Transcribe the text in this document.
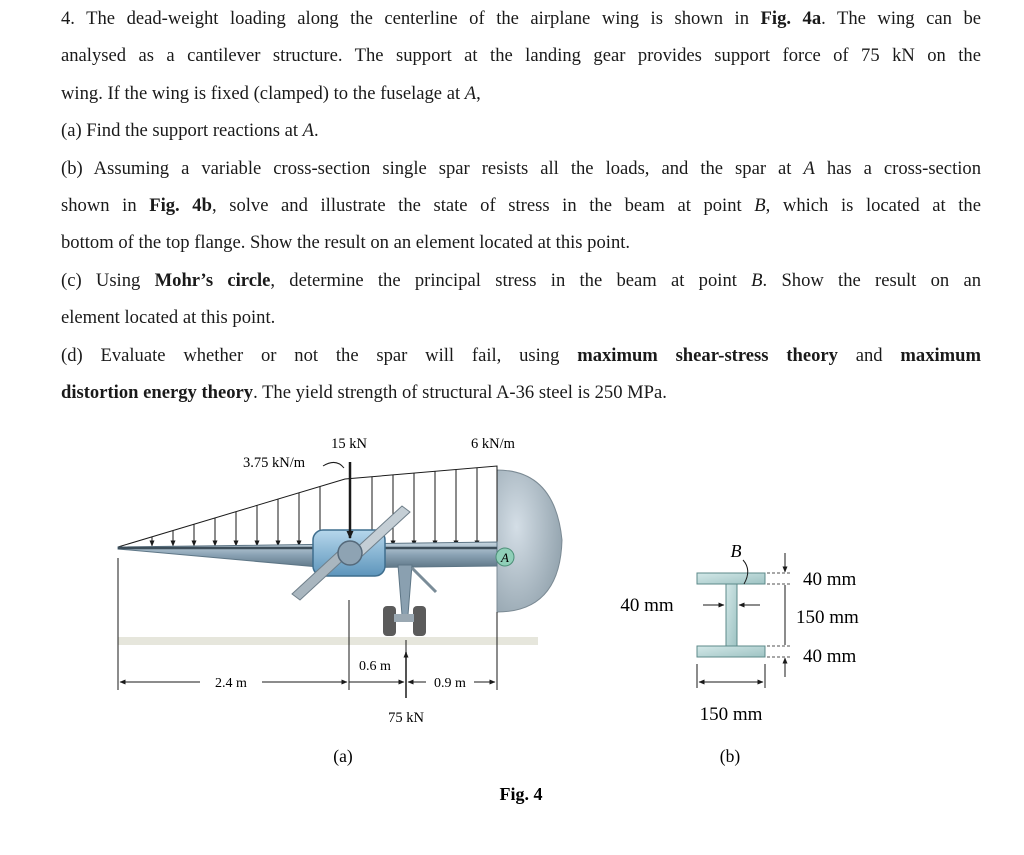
4. The dead-weight loading along the centerline of the airplane wing is shown in Fig. 4a. The wing can be
analysed as a cantilever structure. The support at the landing gear provides support force of 75 kN on the
wing. If the wing is fixed (clamped) to the fuselage at A,
(a) Find the support reactions at A.
(b) Assuming a variable cross-section single spar resists all the loads, and the spar at A has a cross-section
shown in Fig. 4b, solve and illustrate the state of stress in the beam at point B, which is located at the
bottom of the top flange. Show the result on an element located at this point.
(c) Using Mohr’s circle, determine the principal stress in the beam at point B. Show the result on an
element located at this point.
(d) Evaluate whether or not the spar will fail, using maximum shear-stress theory and maximum
distortion energy theory. The yield strength of structural A-36 steel is 250 MPa.
A
15 kN
3.75 kN/m
6 kN/m
75 kN
2.4 m
0.6 m
0.9 m
(a)
B
40 mm
150 mm
40 mm
40 mm
150 mm
(b)
Fig. 4
